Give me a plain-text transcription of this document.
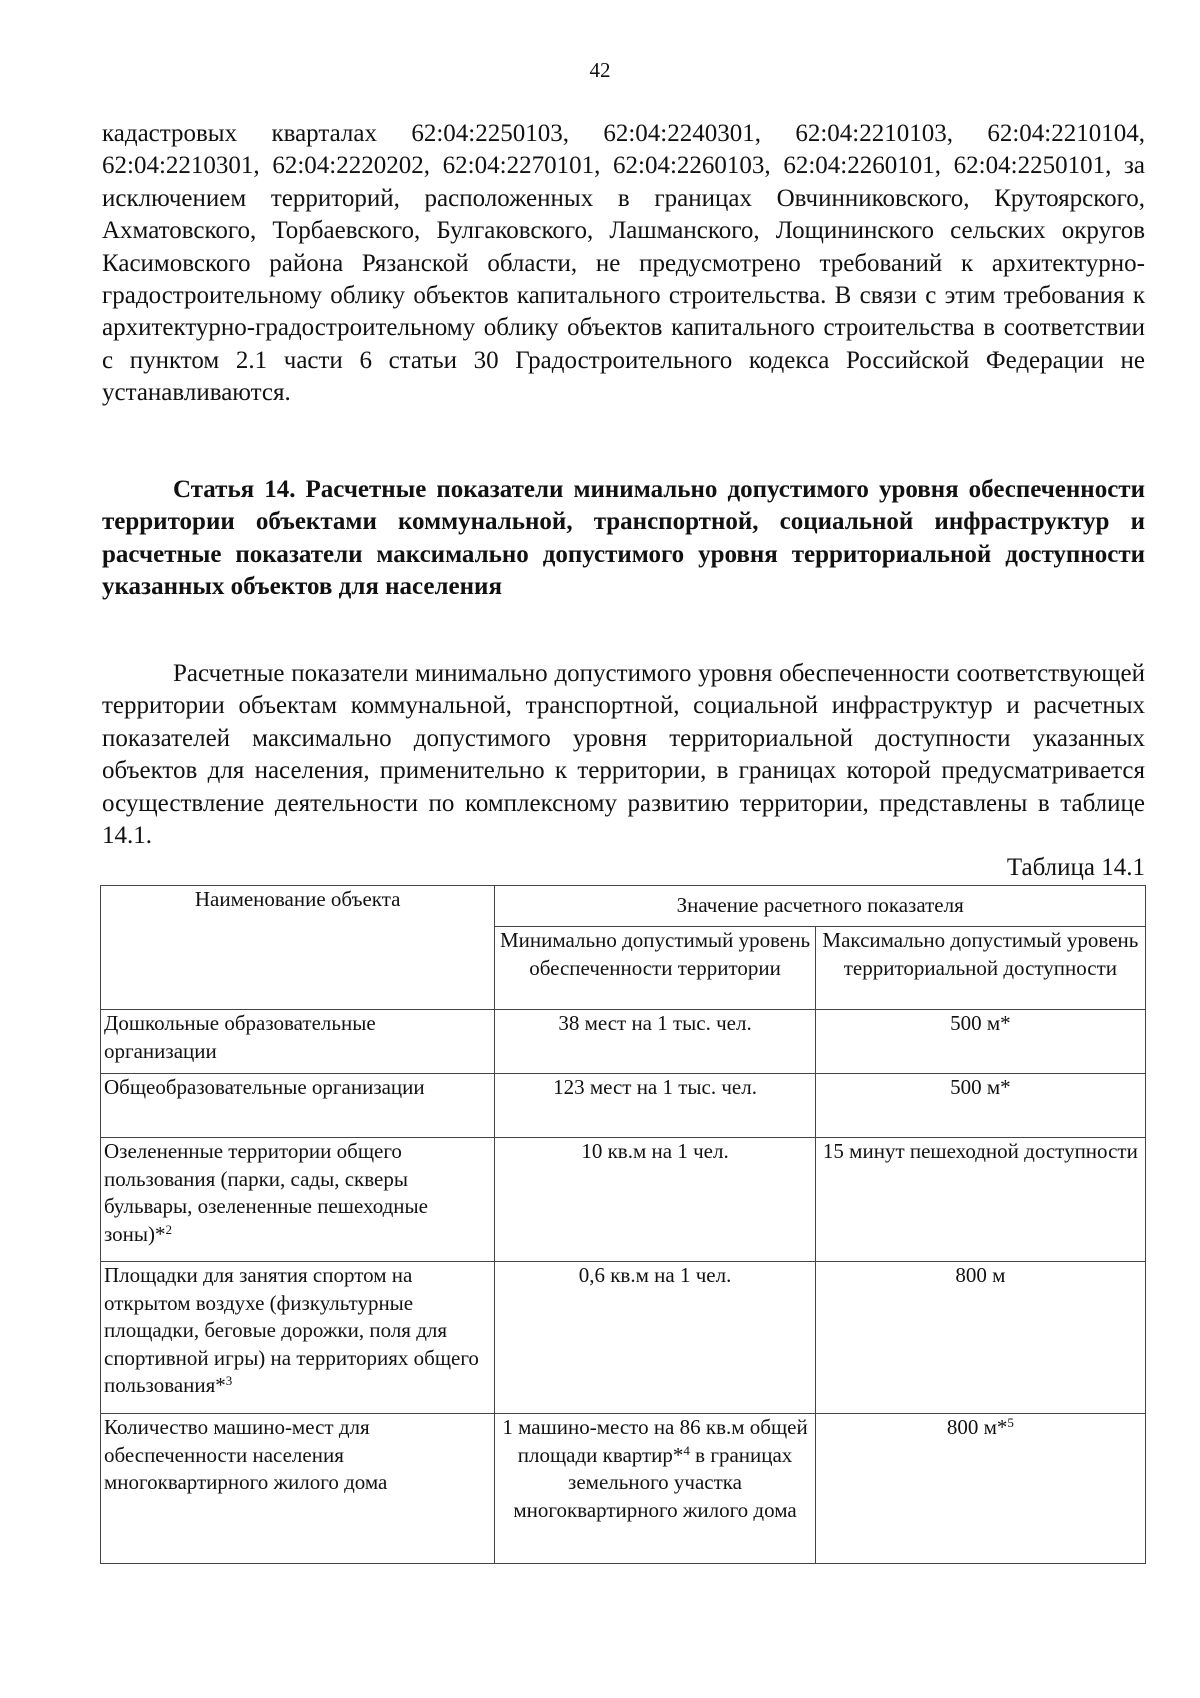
42
кадастровых кварталах 62:04:2250103, 62:04:2240301, 62:04:2210103, 62:04:2210104, 62:04:2210301, 62:04:2220202, 62:04:2270101, 62:04:2260103, 62:04:2260101, 62:04:2250101, за исключением территорий, расположенных в границах Овчинниковского, Крутоярского, Ахматовского, Торбаевского, Булгаковского, Лашманского, Лощининского сельских округов Касимовского района Рязанской области, не предусмотрено требований к архитектурно-градостроительному облику объектов капитального строительства. В связи с этим требования к архитектурно-градостроительному облику объектов капитального строительства в соответствии с пунктом 2.1 части 6 статьи 30 Градостроительного кодекса Российской Федерации не устанавливаются.
Статья 14. Расчетные показатели минимально допустимого уровня обеспеченности территории объектами коммунальной, транспортной, социальной инфраструктур и расчетные показатели максимально допустимого уровня территориальной доступности указанных объектов для населения
Расчетные показатели минимально допустимого уровня обеспеченности соответствующей территории объектам коммунальной, транспортной, социальной инфраструктур и расчетных показателей максимально допустимого уровня территориальной доступности указанных объектов для населения, применительно к территории, в границах которой предусматривается осуществление деятельности по комплексному развитию территории, представлены в таблице 14.1.
Таблица 14.1
Наименование объекта	Значение расчетного показателя	
	Минимально допустимый уровень обеспеченности территории	Максимально допустимый уровень территориальной доступности
Дошкольные образовательные организации	38 мест на 1 тыс. чел.	500 м*
Общеобразовательные организации	123 мест на 1 тыс. чел.	500 м*
Озелененные территории общего пользования (парки, сады, скверы бульвары, озелененные пешеходные зоны)*$^2$	10 кв.м на 1 чел.	15 минут пешеходной доступности
Площадки для занятия спортом на открытом воздухе (физкультурные площадки, беговые дорожки, поля для спортивной игры) на территориях общего пользования*$^3$	0,6 кв.м на 1 чел.	800 м
Количество машино-мест для обеспеченности населения многоквартирного жилого дома	1 машино-место на 86 кв.м общей площади квартир*$^4$ в границах земельного участка многоквартирного жилого дома	800 м*$^5$
